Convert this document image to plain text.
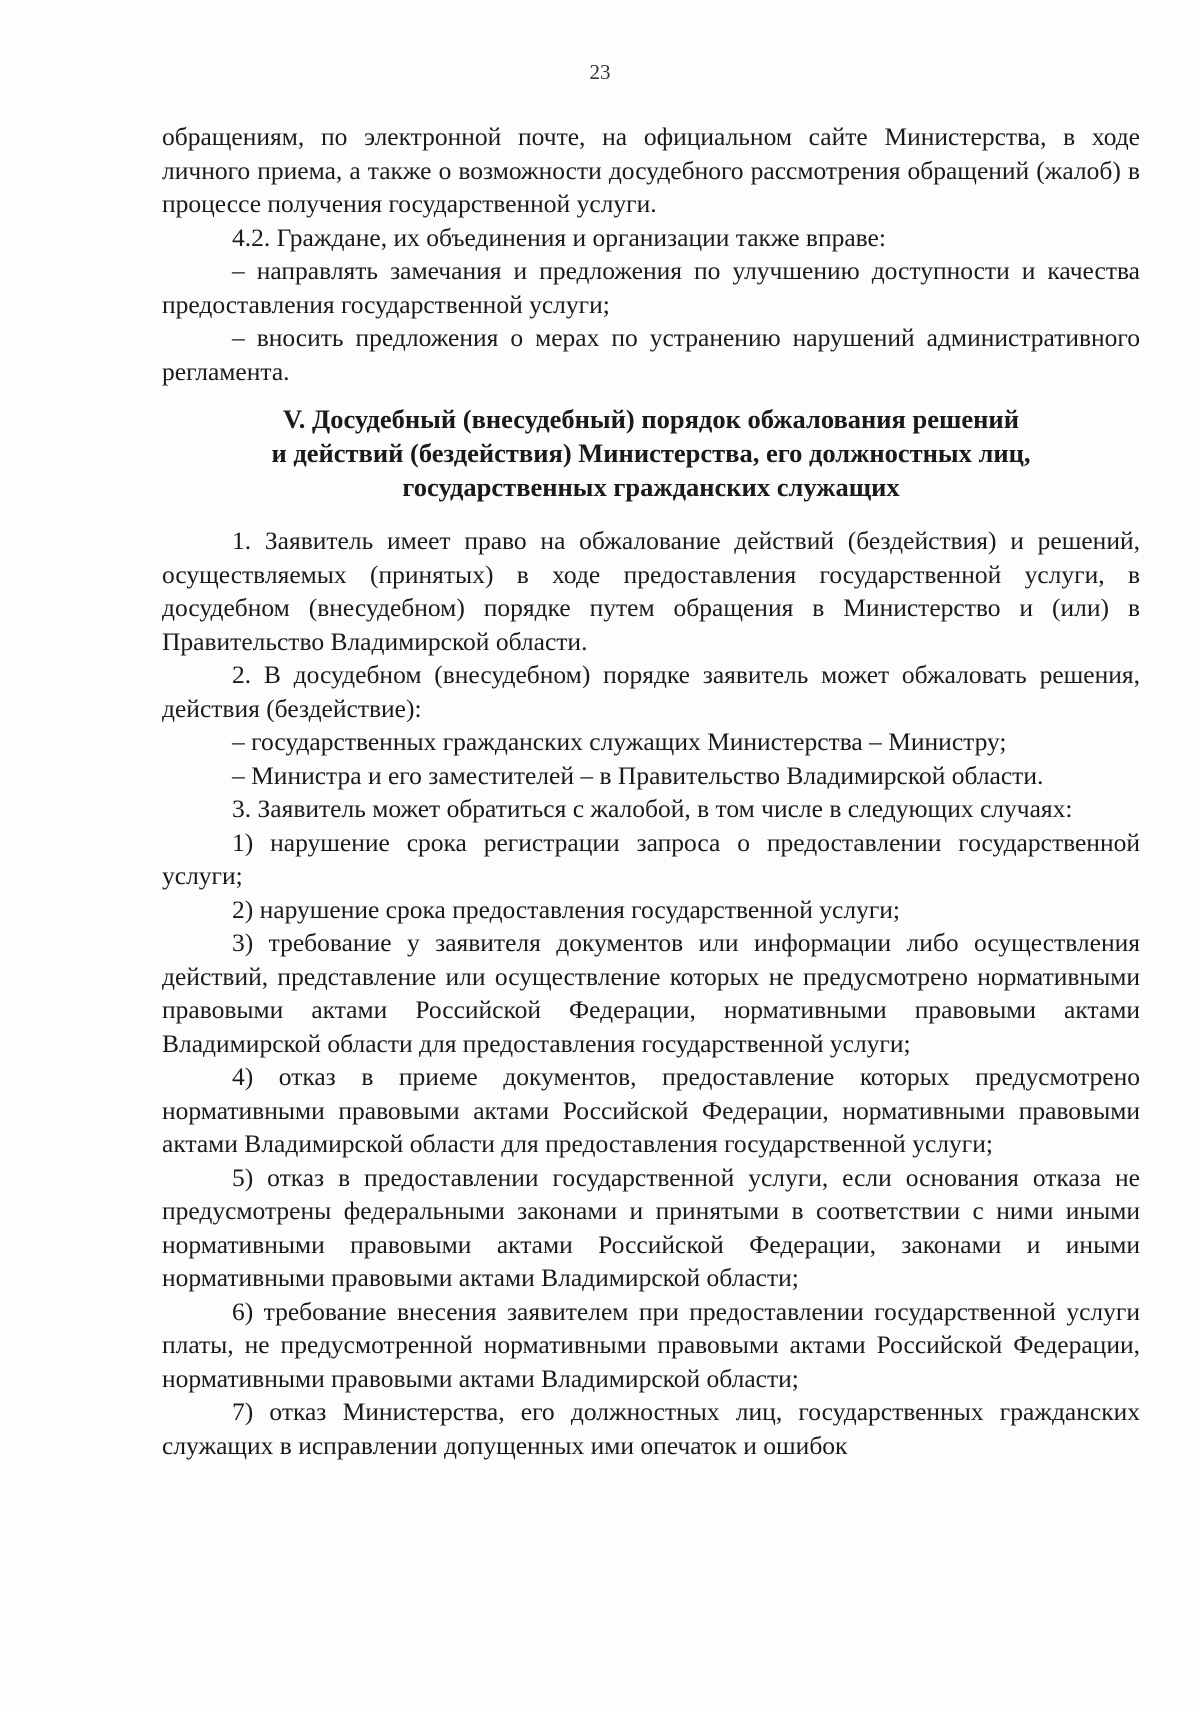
23

обращениям, по электронной почте, на официальном сайте Министерства, в ходе личного приема, а также о возможности досудебного рассмотрения обращений (жалоб) в процессе получения государственной услуги.

4.2. Граждане, их объединения и организации также вправе:

– направлять замечания и предложения по улучшению доступности и качества предоставления государственной услуги;

– вносить предложения о мерах по устранению нарушений административного регламента.

V. Досудебный (внесудебный) порядок обжалования решений
и действий (бездействия) Министерства, его должностных лиц,
государственных гражданских служащих

1. Заявитель имеет право на обжалование действий (бездействия) и решений, осуществляемых (принятых) в ходе предоставления государственной услуги, в досудебном (внесудебном) порядке путем обращения в Министерство и (или) в Правительство Владимирской области.

2. В досудебном (внесудебном) порядке заявитель может обжаловать решения, действия (бездействие):

– государственных гражданских служащих Министерства – Министру;

– Министра и его заместителей – в Правительство Владимирской области.

3. Заявитель может обратиться с жалобой, в том числе в следующих случаях:

1) нарушение срока регистрации запроса о предоставлении государственной услуги;

2) нарушение срока предоставления государственной услуги;

3) требование у заявителя документов или информации либо осуществления действий, представление или осуществление которых не предусмотрено нормативными правовыми актами Российской Федерации, нормативными правовыми актами Владимирской области для предоставления государственной услуги;

4) отказ в приеме документов, предоставление которых предусмотрено нормативными правовыми актами Российской Федерации, нормативными правовыми актами Владимирской области для предоставления государственной услуги;

5) отказ в предоставлении государственной услуги, если основания отказа не предусмотрены федеральными законами и принятыми в соответствии с ними иными нормативными правовыми актами Российской Федерации, законами и иными нормативными правовыми актами Владимирской области;

6) требование внесения заявителем при предоставлении государственной услуги платы, не предусмотренной нормативными правовыми актами Российской Федерации, нормативными правовыми актами Владимирской области;

7) отказ Министерства, его должностных лиц, государственных гражданских служащих в исправлении допущенных ими опечаток и ошибок
